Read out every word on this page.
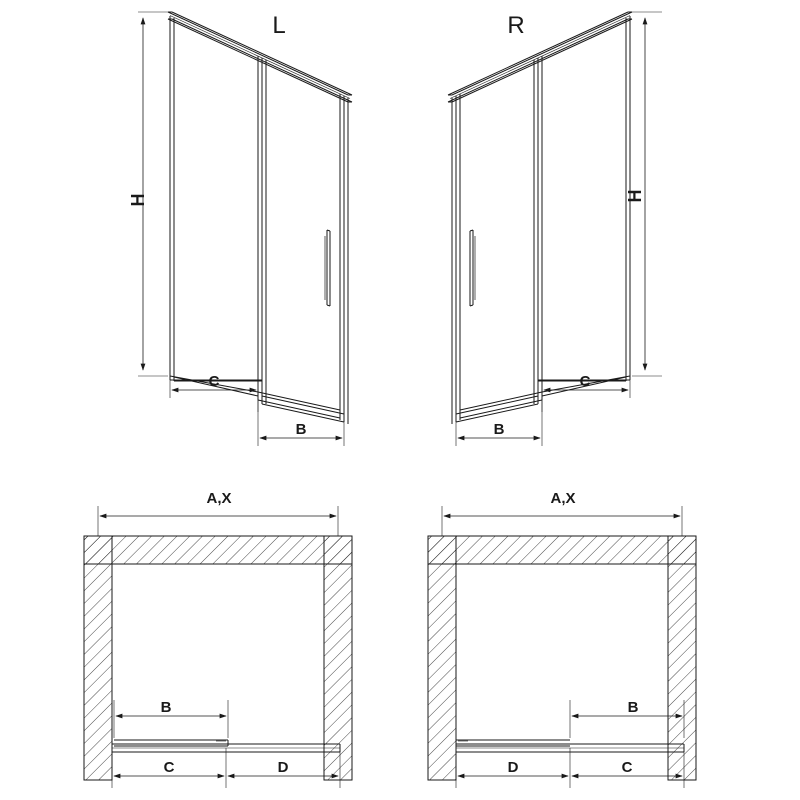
H
C
B
L
H
C
B
R
A,X
B
C	D
A,X
B
D	C
